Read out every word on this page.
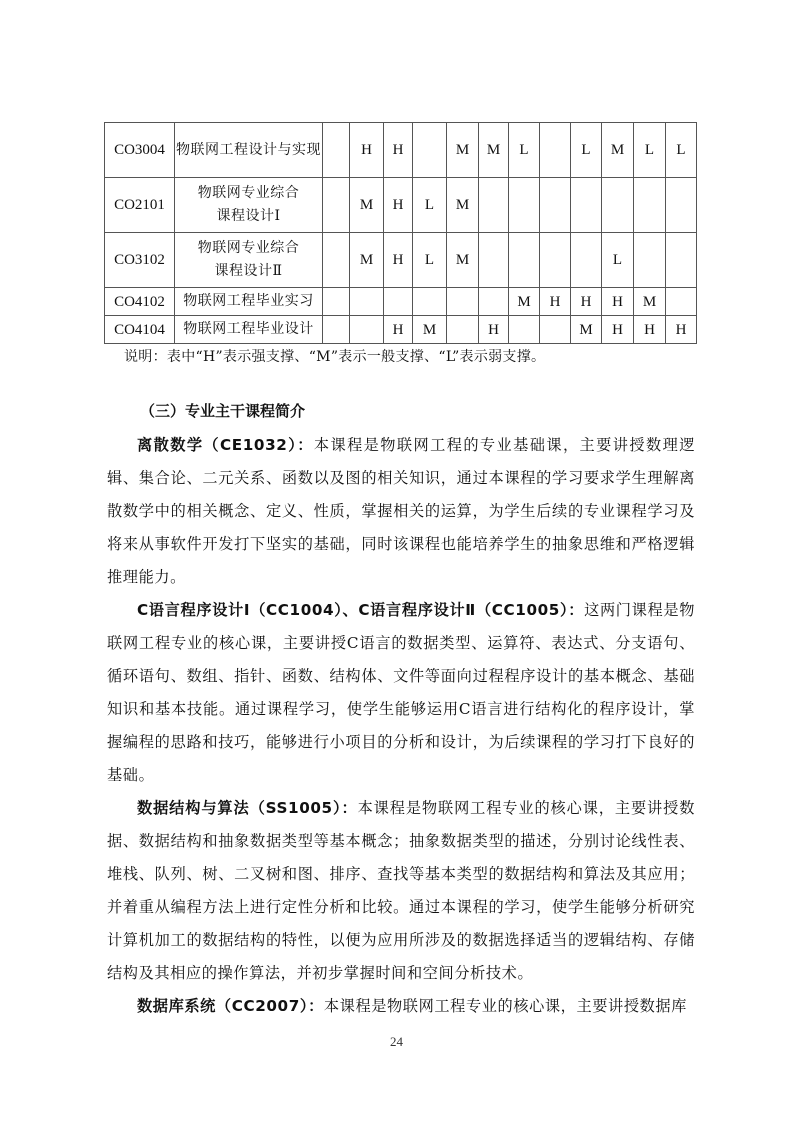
CO3004	物联网工程设计与实现		H	H		M	M	L		L	M	L	L
CO2101	物联网专业综合
课程设计Ⅰ		M	H	L	M							
CO3102	物联网专业综合
课程设计Ⅱ		M	H	L	M					L		
CO4102	物联网工程毕业实习							M	H	H	H	M	
CO4104	物联网工程毕业设计			H	M		H			M	H	H	H
说明：表中“H”表示强支撑、“M”表示一般支撑、“L”表示弱支撑。
（三）专业主干课程简介

离散数学（CE1032）：本课程是物联网工程的专业基础课，主要讲授数理逻辑、集合论、二元关系、函数以及图的相关知识，通过本课程的学习要求学生理解离散数学中的相关概念、定义、性质，掌握相关的运算，为学生后续的专业课程学习及将来从事软件开发打下坚实的基础，同时该课程也能培养学生的抽象思维和严格逻辑推理能力。

C语言程序设计Ⅰ（CC1004）、C语言程序设计Ⅱ（CC1005）：这两门课程是物联网工程专业的核心课，主要讲授C语言的数据类型、运算符、表达式、分支语句、循环语句、数组、指针、函数、结构体、文件等面向过程程序设计的基本概念、基础知识和基本技能。通过课程学习，使学生能够运用C语言进行结构化的程序设计，掌握编程的思路和技巧，能够进行小项目的分析和设计，为后续课程的学习打下良好的基础。

数据结构与算法（SS1005）：本课程是物联网工程专业的核心课，主要讲授数据、数据结构和抽象数据类型等基本概念；抽象数据类型的描述，分别讨论线性表、堆栈、队列、树、二叉树和图、排序、查找等基本类型的数据结构和算法及其应用；并着重从编程方法上进行定性分析和比较。通过本课程的学习，使学生能够分析研究计算机加工的数据结构的特性，以便为应用所涉及的数据选择适当的逻辑结构、存储结构及其相应的操作算法，并初步掌握时间和空间分析技术。

数据库系统（CC2007）：本课程是物联网工程专业的核心课，主要讲授数据库

24
